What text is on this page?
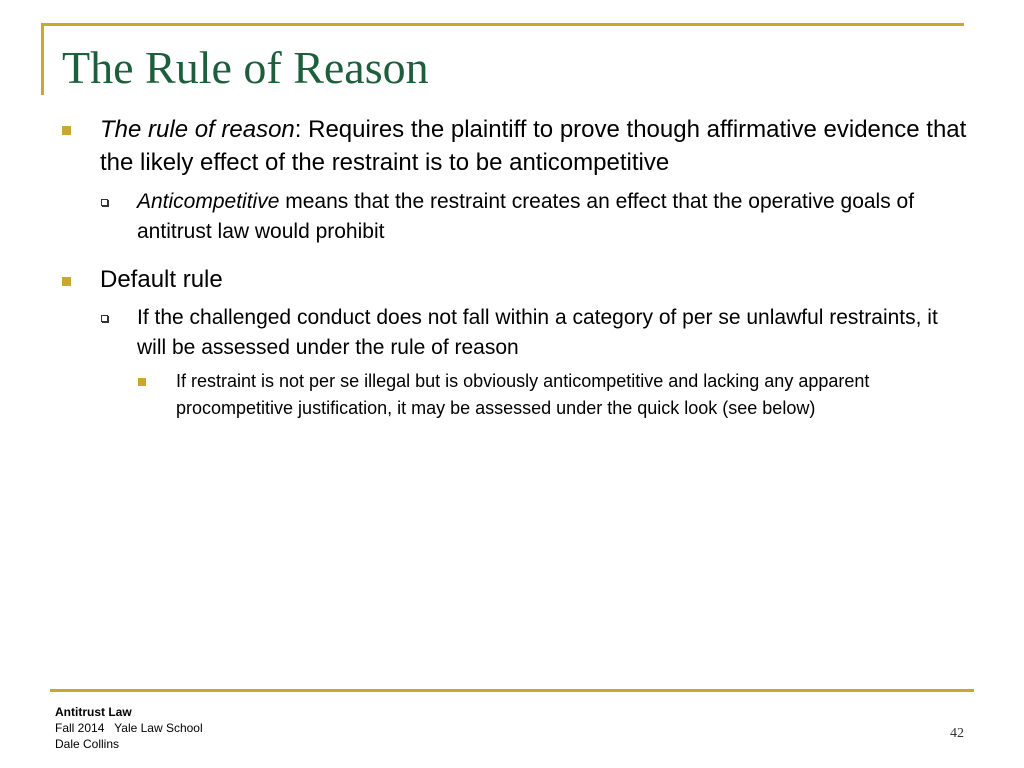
The Rule of Reason

The rule of reason: Requires the plaintiff to prove though affirmative evidence that the likely effect of the restraint is to be anticompetitive

Anticompetitive means that the restraint creates an effect that the operative goals of antitrust law would prohibit

Default rule

If the challenged conduct does not fall within a category of per se unlawful restraints, it will be assessed under the rule of reason

If restraint is not per se illegal but is obviously anticompetitive and lacking any apparent procompetitive justification, it may be assessed under the quick look (see below)

Antitrust Law
Fall 2014   Yale Law School
Dale Collins
42
